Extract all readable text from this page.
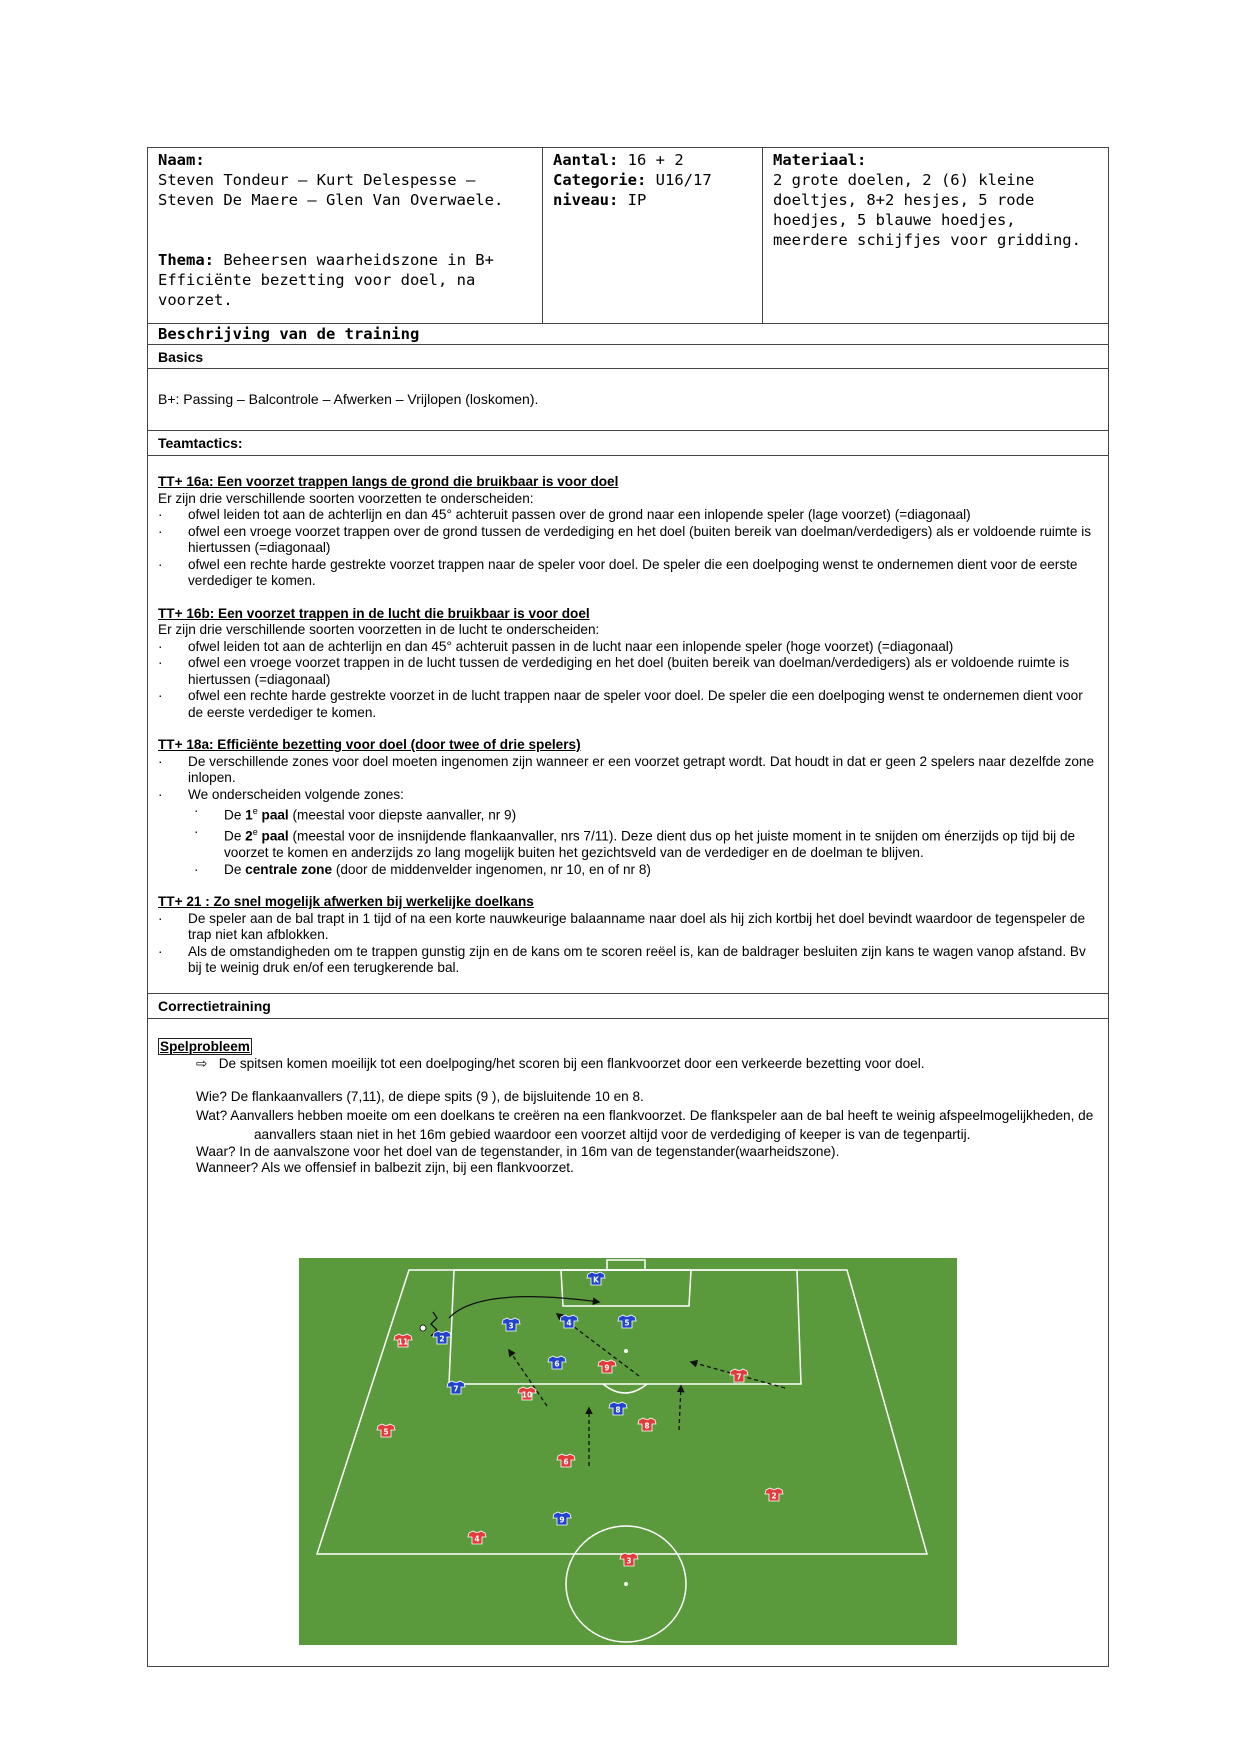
Naam:
Steven Tondeur – Kurt Delespesse – Steven De Maere – Glen Van Overwaele.
Thema: Beheersen waarheidszone in B+ Efficiënte bezetting voor doel, na voorzet.
Aantal: 16 + 2
Categorie: U16/17
niveau: IP
Materiaal:
2 grote doelen, 2 (6) kleine doeltjes, 8+2 hesjes, 5 rode hoedjes, 5 blauwe hoedjes, meerdere schijfjes voor gridding.
Beschrijving van de training
Basics
B+: Passing – Balcontrole – Afwerken – Vrijlopen (loskomen).
Teamtactics:
TT+ 16a: Een voorzet trappen langs de grond die bruikbaar is voor doel
Er zijn drie verschillende soorten voorzetten te onderscheiden:
· ofwel leiden tot aan de achterlijn en dan 45° achteruit passen over de grond naar een inlopende speler (lage voorzet) (=diagonaal)
· ofwel een vroege voorzet trappen over de grond tussen de verdediging en het doel (buiten bereik van doelman/verdedigers) als er voldoende ruimte is hiertussen (=diagonaal)
· ofwel een rechte harde gestrekte voorzet trappen naar de speler voor doel. De speler die een doelpoging wenst te ondernemen dient voor de eerste verdediger te komen.
TT+ 16b: Een voorzet trappen in de lucht die bruikbaar is voor doel
Er zijn drie verschillende soorten voorzetten in de lucht te onderscheiden:
· ofwel leiden tot aan de achterlijn en dan 45° achteruit passen in de lucht naar een inlopende speler (hoge voorzet) (=diagonaal)
· ofwel een vroege voorzet trappen in de lucht tussen de verdediging en het doel (buiten bereik van doelman/verdedigers) als er voldoende ruimte is hiertussen (=diagonaal)
· ofwel een rechte harde gestrekte voorzet in de lucht trappen naar de speler voor doel. De speler die een doelpoging wenst te ondernemen dient voor de eerste verdediger te komen.
TT+ 18a: Efficiënte bezetting voor doel (door twee of drie spelers)
· De verschillende zones voor doel moeten ingenomen zijn wanneer er een voorzet getrapt wordt. Dat houdt in dat er geen 2 spelers naar dezelfde zone inlopen.
· We onderscheiden volgende zones:
· De 1e paal (meestal voor diepste aanvaller, nr 9)
· De 2e paal (meestal voor de insnijdende flankaanvaller, nrs 7/11). Deze dient dus op het juiste moment in te snijden om énerzijds op tijd bij de voorzet te komen en anderzijds zo lang mogelijk buiten het gezichtsveld van de verdediger en de doelman te blijven.
· De centrale zone (door de middenvelder ingenomen, nr 10, en of nr 8)
TT+ 21 : Zo snel mogelijk afwerken bij werkelijke doelkans
· De speler aan de bal trapt in 1 tijd of na een korte nauwkeurige balaanname naar doel als hij zich kortbij het doel bevindt waardoor de tegenspeler de trap niet kan afblokken.
· Als de omstandigheden om te trappen gunstig zijn en de kans om te scoren reëel is, kan de baldrager besluiten zijn kans te wagen vanop afstand. Bv bij te weinig druk en/of een terugkerende bal.
Correctietraining
Spelprobleem
⇨ De spitsen komen moeilijk tot een doelpoging/het scoren bij een flankvoorzet door een verkeerde bezetting voor doel.
Wie? De flankaanvallers (7,11), de diepe spits (9 ), de bijsluitende 10 en 8.
Wat? Aanvallers hebben moeite om een doelkans te creëren na een flankvoorzet. De flankspeler aan de bal heeft te weinig afspeelmogelijkheden, de aanvallers staan niet in het 16m gebied waardoor een voorzet altijd voor de verdediging of keeper is van de tegenpartij.
Waar? In de aanvalszone voor het doel van de tegenstander, in 16m van de tegenstander(waarheidszone).
Wanneer? Als we offensief in balbezit zijn, bij een flankvoorzet.
11
10
9
7
5
8
6
2
4
3
K
3	4	5
2
6
7
8
9
